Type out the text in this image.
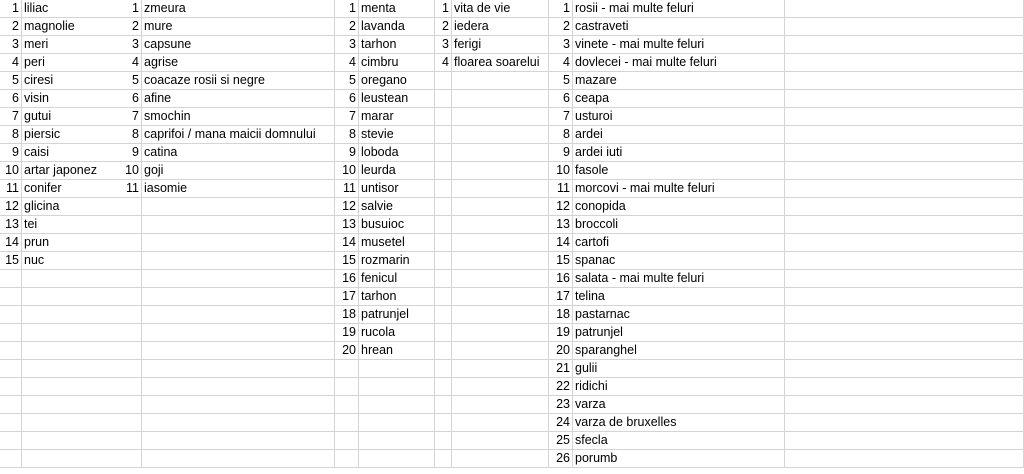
1 liliac
2 magnolie
3 meri
4 peri
5 ciresi
6 visin
7 gutui
8 piersic
9 caisi
10 artar japonez
11 conifer
12 glicina
13 tei
14 prun
15 nuc
1 zmeura
2 mure
3 capsune
4 agrise
5 coacaze rosii si negre
6 afine
7 smochin
8 caprifoi / mana maicii domnului
9 catina
10 goji
11 iasomie
1 menta
2 lavanda
3 tarhon
4 cimbru
5 oregano
6 leustean
7 marar
8 stevie
9 loboda
10 leurda
11 untisor
12 salvie
13 busuioc
14 musetel
15 rozmarin
16 fenicul
17 tarhon
18 patrunjel
19 rucola
20 hrean
1 vita de vie
2 iedera
3 ferigi
4 floarea soarelui
1 rosii - mai multe feluri
2 castraveti
3 vinete - mai multe feluri
4 dovlecei - mai multe feluri
5 mazare
6 ceapa
7 usturoi
8 ardei
9 ardei iuti
10 fasole
11 morcovi - mai multe feluri
12 conopida
13 broccoli
14 cartofi
15 spanac
16 salata - mai multe feluri
17 telina
18 pastarnac
19 patrunjel
20 sparanghel
21 gulii
22 ridichi
23 varza
24 varza de bruxelles
25 sfecla
26 porumb
